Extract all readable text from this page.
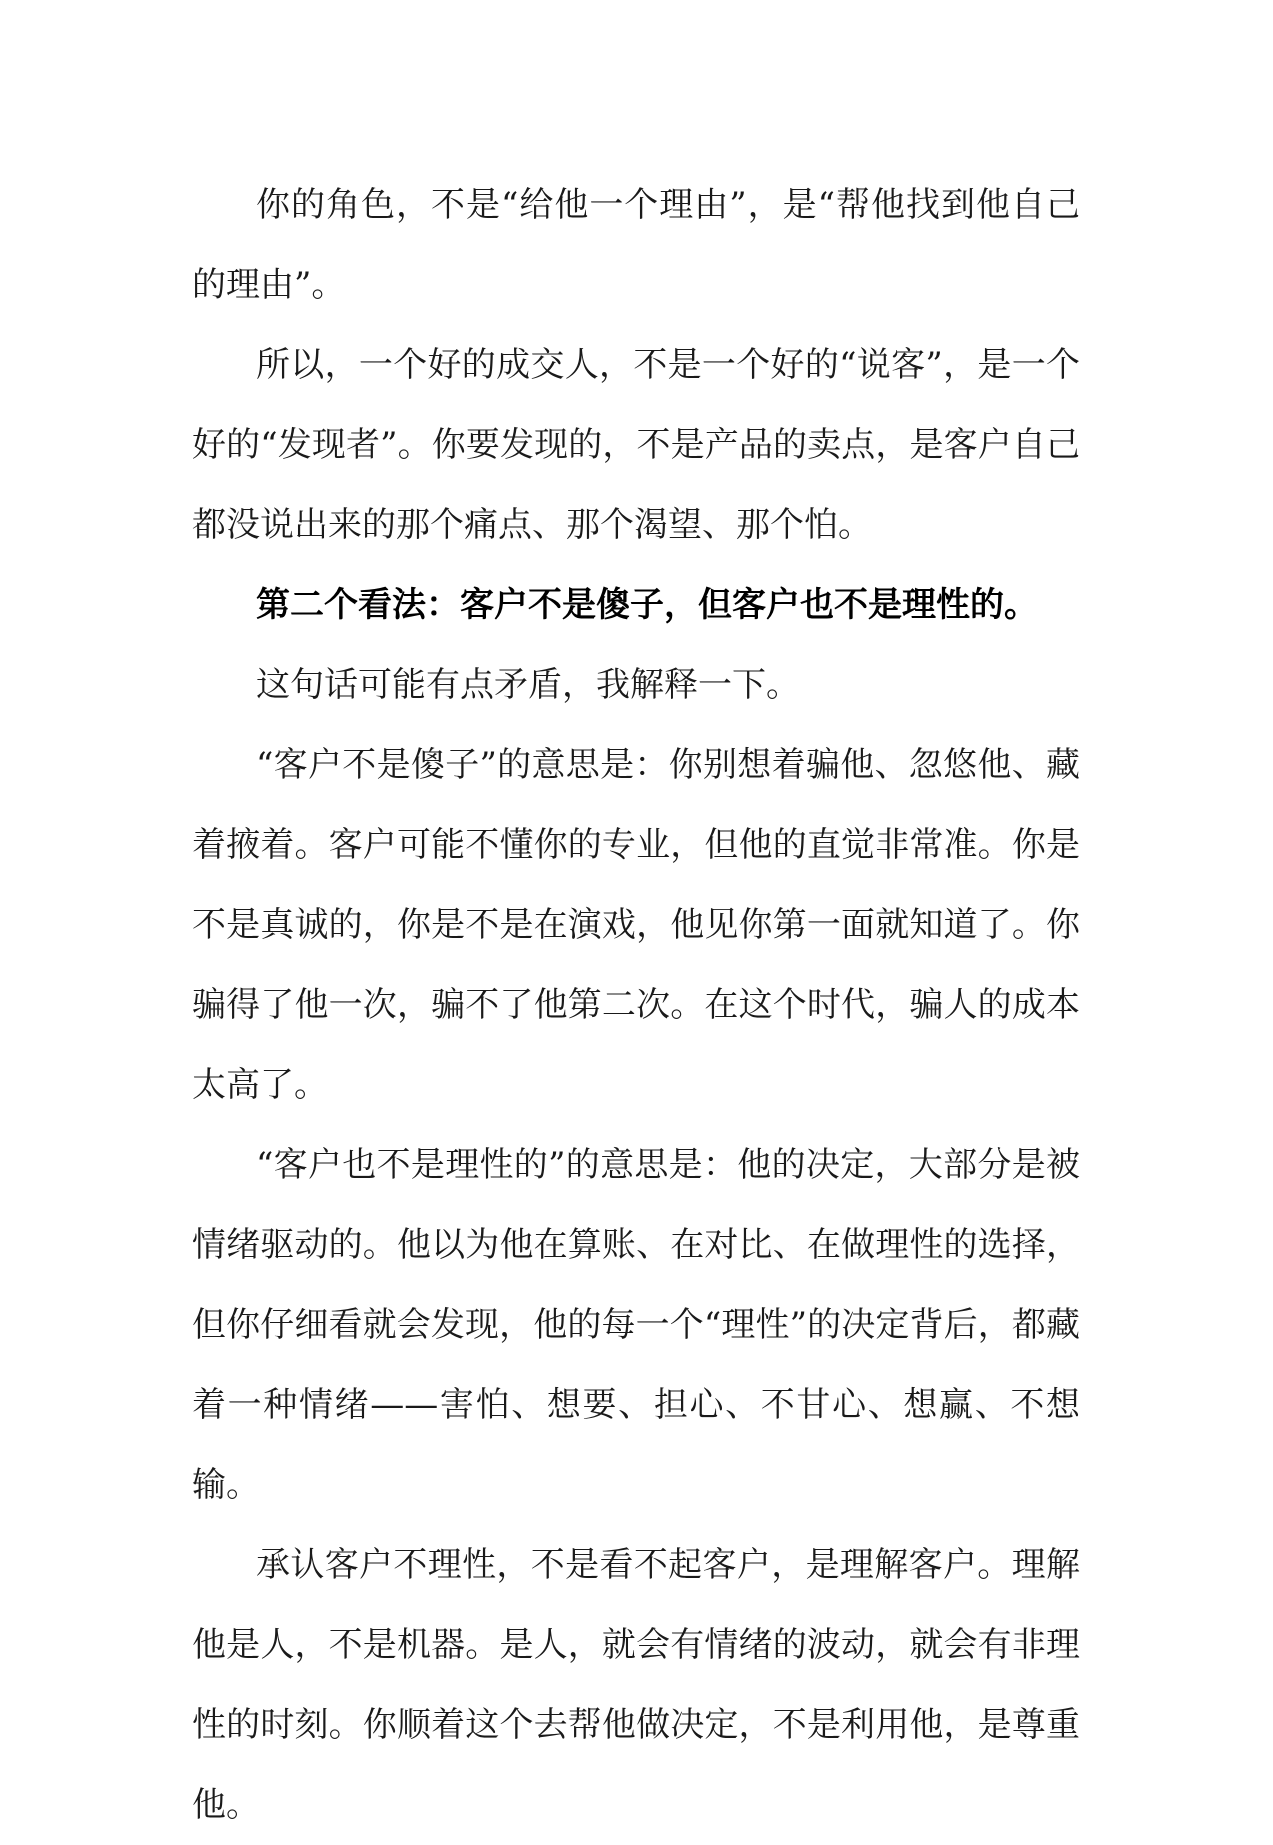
你的角色，不是“给他一个理由”，是“帮他找到他自己的理由”。

所以，一个好的成交人，不是一个好的“说客”，是一个好的“发现者”。你要发现的，不是产品的卖点，是客户自己都没说出来的那个痛点、那个渴望、那个怕。

第二个看法：客户不是傻子，但客户也不是理性的。

这句话可能有点矛盾，我解释一下。

“客户不是傻子”的意思是：你别想着骗他、忽悠他、藏着掖着。客户可能不懂你的专业，但他的直觉非常准。你是不是真诚的，你是不是在演戏，他见你第一面就知道了。你骗得了他一次，骗不了他第二次。在这个时代，骗人的成本太高了。

“客户也不是理性的”的意思是：他的决定，大部分是被情绪驱动的。他以为他在算账、在对比、在做理性的选择，但你仔细看就会发现，他的每一个“理性”的决定背后，都藏着一种情绪——害怕、想要、担心、不甘心、想赢、不想输。

承认客户不理性，不是看不起客户，是理解客户。理解他是人，不是机器。是人，就会有情绪的波动，就会有非理性的时刻。你顺着这个去帮他做决定，不是利用他，是尊重他。
